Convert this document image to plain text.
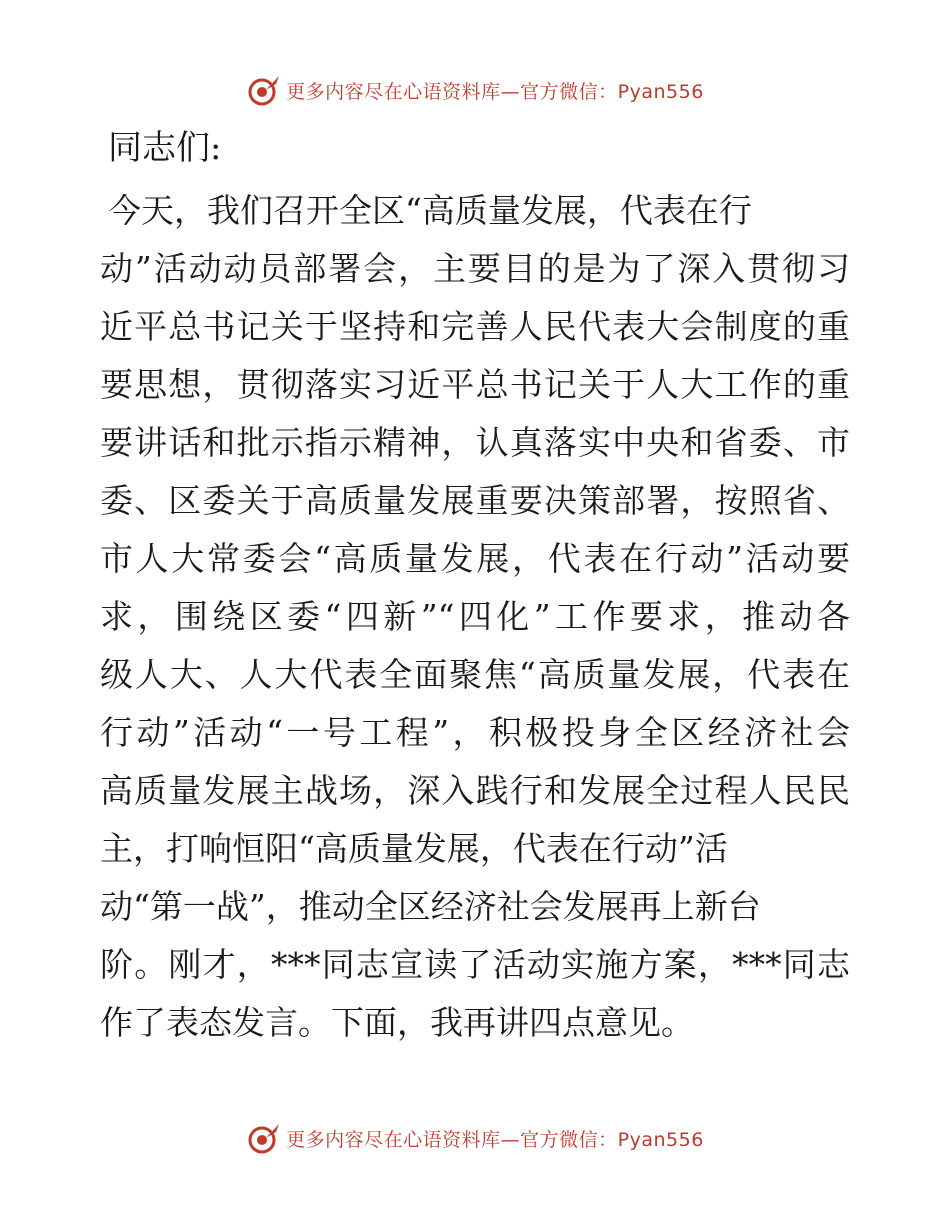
更多内容尽在心语资料库—官方微信：Pyan556
同志们:
今天，我们召开全区“高质量发展，代表在行
动”活动动员部署会，主要目的是为了深入贯彻习
近平总书记关于坚持和完善人民代表大会制度的重
要思想，贯彻落实习近平总书记关于人大工作的重
要讲话和批示指示精神，认真落实中央和省委、市
委、区委关于高质量发展重要决策部署，按照省、
市人大常委会“高质量发展，代表在行动”活动要
求，围绕区委“四新”“四化”工作要求，推动各
级人大、人大代表全面聚焦“高质量发展，代表在
行动”活动“一号工程”，积极投身全区经济社会
高质量发展主战场，深入践行和发展全过程人民民
主，打响恒阳“高质量发展，代表在行动”活
动“第一战”，推动全区经济社会发展再上新台
阶。刚才，***同志宣读了活动实施方案，***同志
作了表态发言。下面，我再讲四点意见。
更多内容尽在心语资料库—官方微信：Pyan556
